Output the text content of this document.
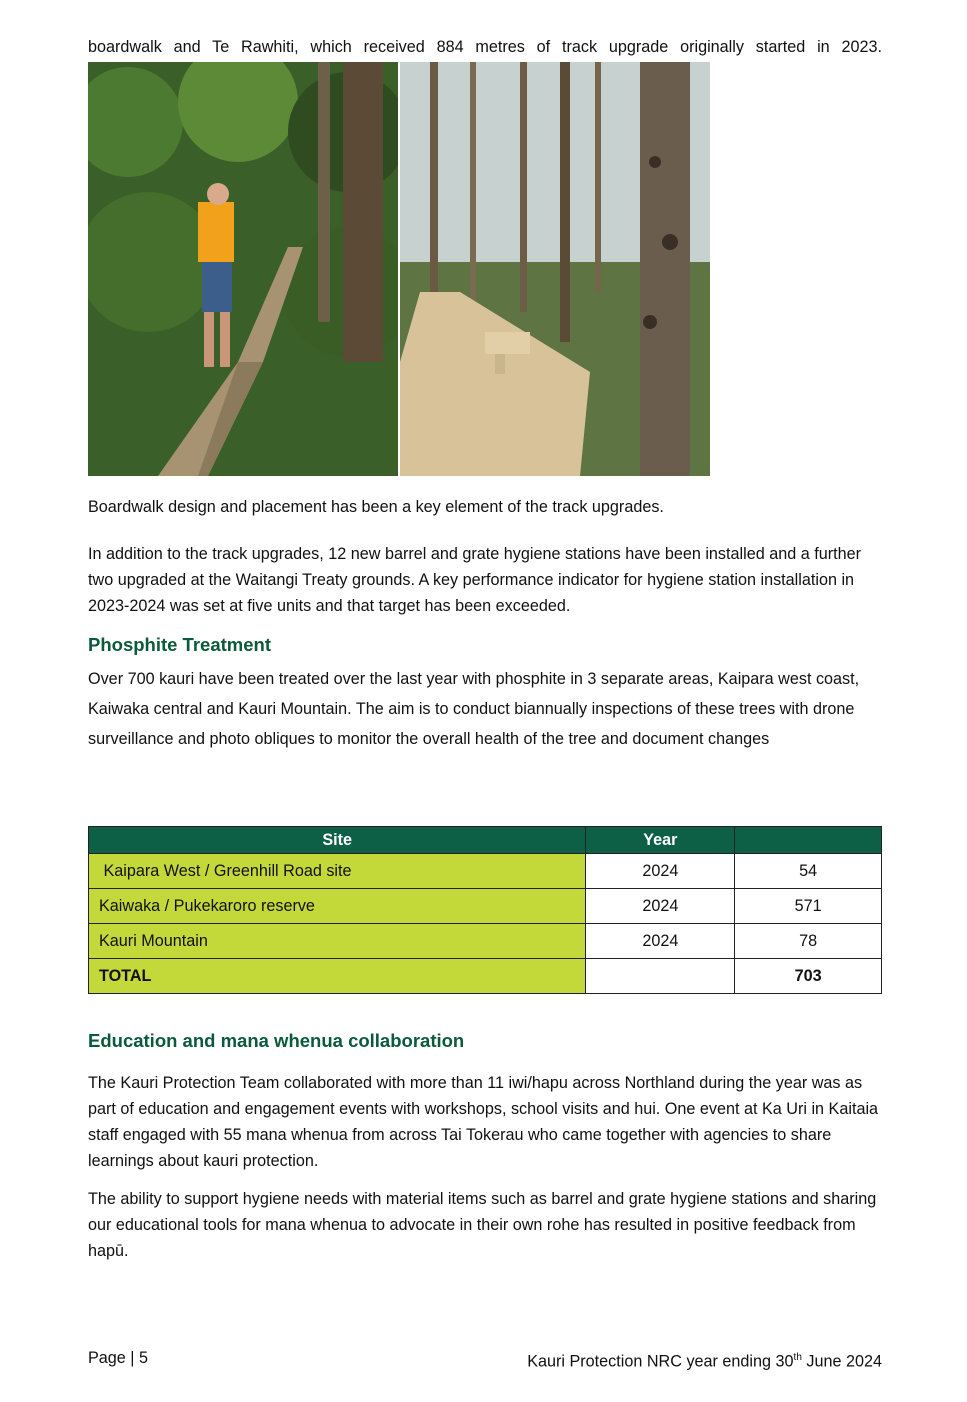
boardwalk and Te Rawhiti, which received 884 metres of track upgrade originally started in 2023.

Boardwalk design and placement has been a key element of the track upgrades.

In addition to the track upgrades, 12 new barrel and grate hygiene stations have been installed and a further two upgraded at the Waitangi Treaty grounds. A key performance indicator for hygiene station installation in 2023-2024 was set at five units and that target has been exceeded.

Phosphite Treatment

Over 700 kauri have been treated over the last year with phosphite in 3 separate areas, Kaipara west coast, Kaiwaka central and Kauri Mountain. The aim is to conduct biannually inspections of these trees with drone surveillance and photo obliques to monitor the overall health of the tree and document changes

Site	Year	
Kaipara West / Greenhill Road site	2024	54
Kaiwaka / Pukekaroro reserve	2024	571
Kauri Mountain	2024	78
TOTAL		703
Education and mana whenua collaboration

The Kauri Protection Team collaborated with more than 11 iwi/hapu across Northland during the year was as part of education and engagement events with workshops, school visits and hui. One event at Ka Uri in Kaitaia staff engaged with 55 mana whenua from across Tai Tokerau who came together with agencies to share learnings about kauri protection.

The ability to support hygiene needs with material items such as barrel and grate hygiene stations and sharing our educational tools for mana whenua to advocate in their own rohe has resulted in positive feedback from hapū.

Page | 5	Kauri Protection NRC year ending 30th June 2024
